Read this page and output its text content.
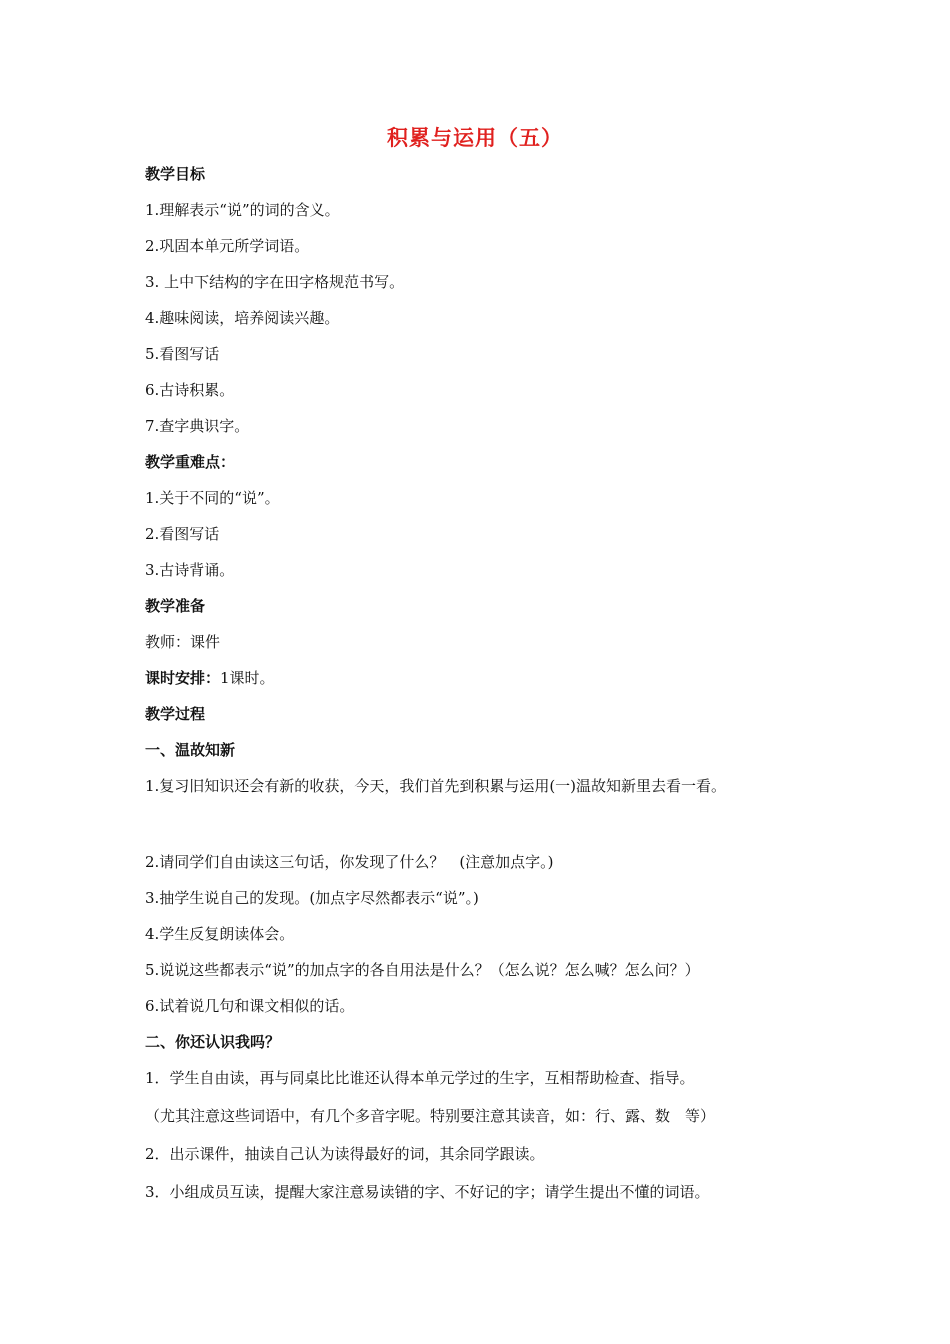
积累与运用（五）
教学目标
1.理解表示“说”的词的含义。
2.巩固本单元所学词语。
3. 上中下结构的字在田字格规范书写。
4.趣味阅读，培养阅读兴趣。
5.看图写话
6.古诗积累。
7.查字典识字。
教学重难点：
1.关于不同的“说”。
2.看图写话
3.古诗背诵。
教学准备
教师：课件
课时安排：1课时。
教学过程
一、温故知新
1.复习旧知识还会有新的收获，今天，我们首先到积累与运用(一)温故知新里去看一看。
2.请同学们自由读这三句话，你发现了什么？　(注意加点字。)
3.抽学生说自己的发现。(加点字尽然都表示“说”。)
4.学生反复朗读体会。
5.说说这些都表示“说”的加点字的各自用法是什么？（怎么说？怎么喊？怎么问？）
6.试着说几句和课文相似的话。
二、你还认识我吗？
1．学生自由读，再与同桌比比谁还认得本单元学过的生字，互相帮助检查、指导。
（尤其注意这些词语中，有几个多音字呢。特别要注意其读音，如：行、露、数　等）
2．出示课件，抽读自己认为读得最好的词，其余同学跟读。
3．小组成员互读，提醒大家注意易读错的字、不好记的字；请学生提出不懂的词语。
